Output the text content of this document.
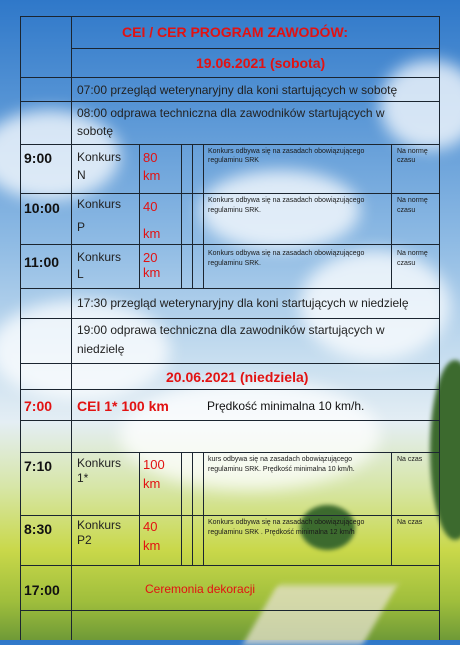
CEI / CER PROGRAM ZAWODÓW:
19.06.2021 (sobota)
07:00 przegląd weterynaryjny dla koni startujących w sobotę
08:00 odprawa techniczna dla zawodników startujących w
sobotę
9:00 Konkurs
N
80
km
Konkurs odbywa się na zasadach obowiązującego
regulaminu SRK
Na normę
czasu
10:00 Konkurs
P
40
km
Konkurs odbywa się na zasadach obowiązującego
regulaminu SRK.
Na normę
czasu
11:00 Konkurs
L
20
km
Konkurs odbywa się na zasadach obowiązującego
regulaminu SRK.
Na normę
czasu
17:30 przegląd weterynaryjny dla koni startujących w niedzielę
19:00 odprawa techniczna dla zawodników startujących w
niedzielę
20.06.2021 (niedziela)
7:00 CEI 1* 100 km	Prędkość minimalna 10 km/h.
7:10 Konkurs
1*
100
km
kurs odbywa się na zasadach obowiązującego
regulaminu SRK. Prędkość minimalna 10 km/h.
Na czas
8:30 Konkurs
P2
40
km
Konkurs odbywa się na zasadach obowiązującego
regulaminu SRK . Prędkość minimalna 12 km/h
Na czas
17:00	Ceremonia dekoracji
